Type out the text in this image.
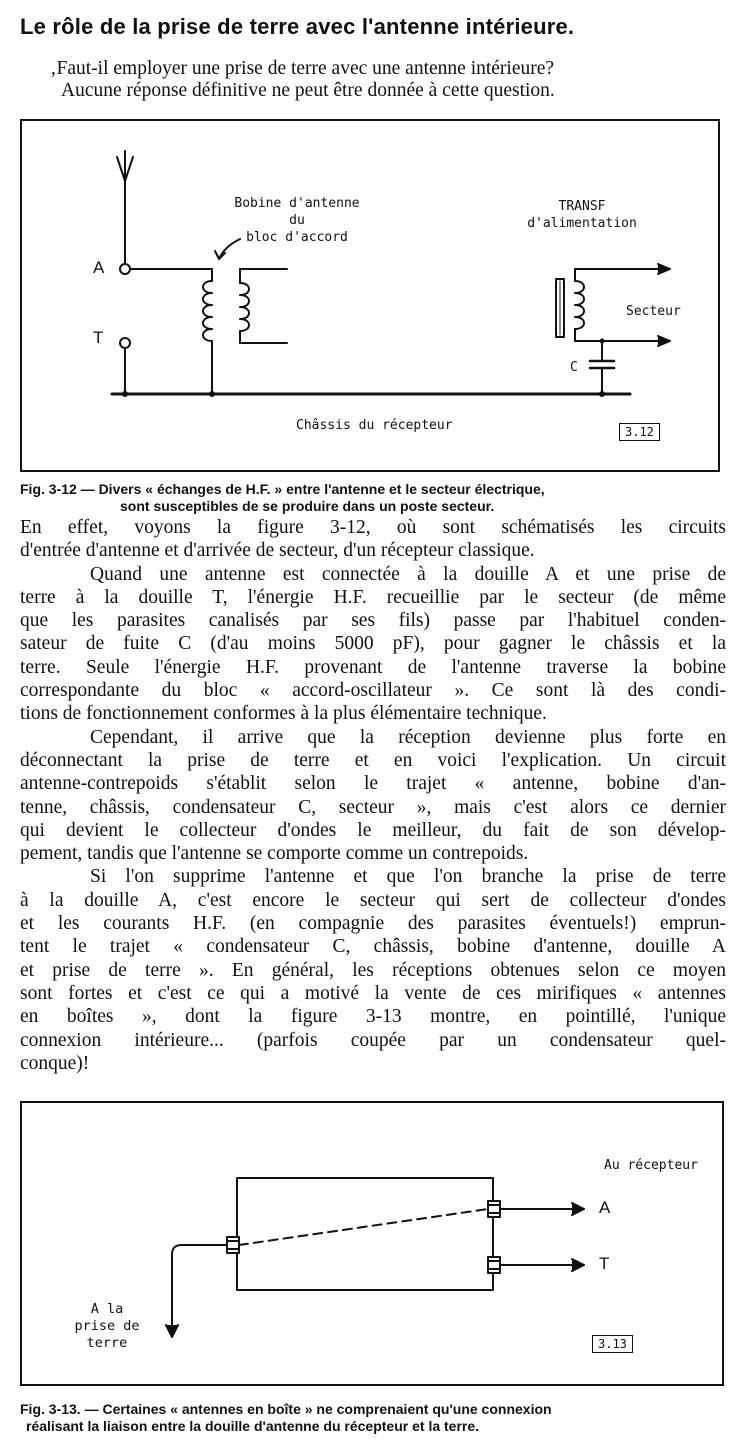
Le rôle de la prise de terre avec l'antenne intérieure.
‚Faut-il employer une prise de terre avec une antenne intérieure?
Aucune réponse définitive ne peut être donnée à cette question.
A
T
Bobine d'antenne
du
bloc d'accord
TRANSF
d'alimentation
Secteur
C
Châssis du récepteur	3.12
Fig. 3-12 — Divers « échanges de H.F. » entre l'antenne et le secteur électrique,
sont susceptibles de se produire dans un poste secteur.

En effet, voyons la figure 3-12, où sont schématisés les circuits

d'entrée d'antenne et d'arrivée de secteur, d'un récepteur classique.

Quand une antenne est connectée à la douille A et une prise de

terre à la douille T, l'énergie H.F. recueillie par le secteur (de même

que les parasites canalisés par ses fils) passe par l'habituel conden-

sateur de fuite C (d'au moins 5000 pF), pour gagner le châssis et la

terre. Seule l'énergie H.F. provenant de l'antenne traverse la bobine

correspondante du bloc « accord-oscillateur ». Ce sont là des condi-

tions de fonctionnement conformes à la plus élémentaire technique.

Cependant, il arrive que la réception devienne plus forte en

déconnectant la prise de terre et en voici l'explication. Un circuit

antenne-contrepoids s'établit selon le trajet « antenne, bobine d'an-

tenne, châssis, condensateur C, secteur », mais c'est alors ce dernier

qui devient le collecteur d'ondes le meilleur, du fait de son dévelop-

pement, tandis que l'antenne se comporte comme un contrepoids.

Si l'on supprime l'antenne et que l'on branche la prise de terre

à la douille A, c'est encore le secteur qui sert de collecteur d'ondes

et les courants H.F. (en compagnie des parasites éventuels!) emprun-

tent le trajet « condensateur C, châssis, bobine d'antenne, douille A

et prise de terre ». En général, les réceptions obtenues selon ce moyen

sont fortes et c'est ce qui a motivé la vente de ces mirifiques « antennes

en boîtes », dont la figure 3-13 montre, en pointillé, l'unique

connexion intérieure... (parfois coupée par un condensateur quel-

conque)!

Au récepteur
A
T
A la
prise de
terre	3.13
Fig. 3-13. — Certaines « antennes en boîte » ne comprenaient qu'une connexion
réalisant la liaison entre la douille d'antenne du récepteur et la terre.
